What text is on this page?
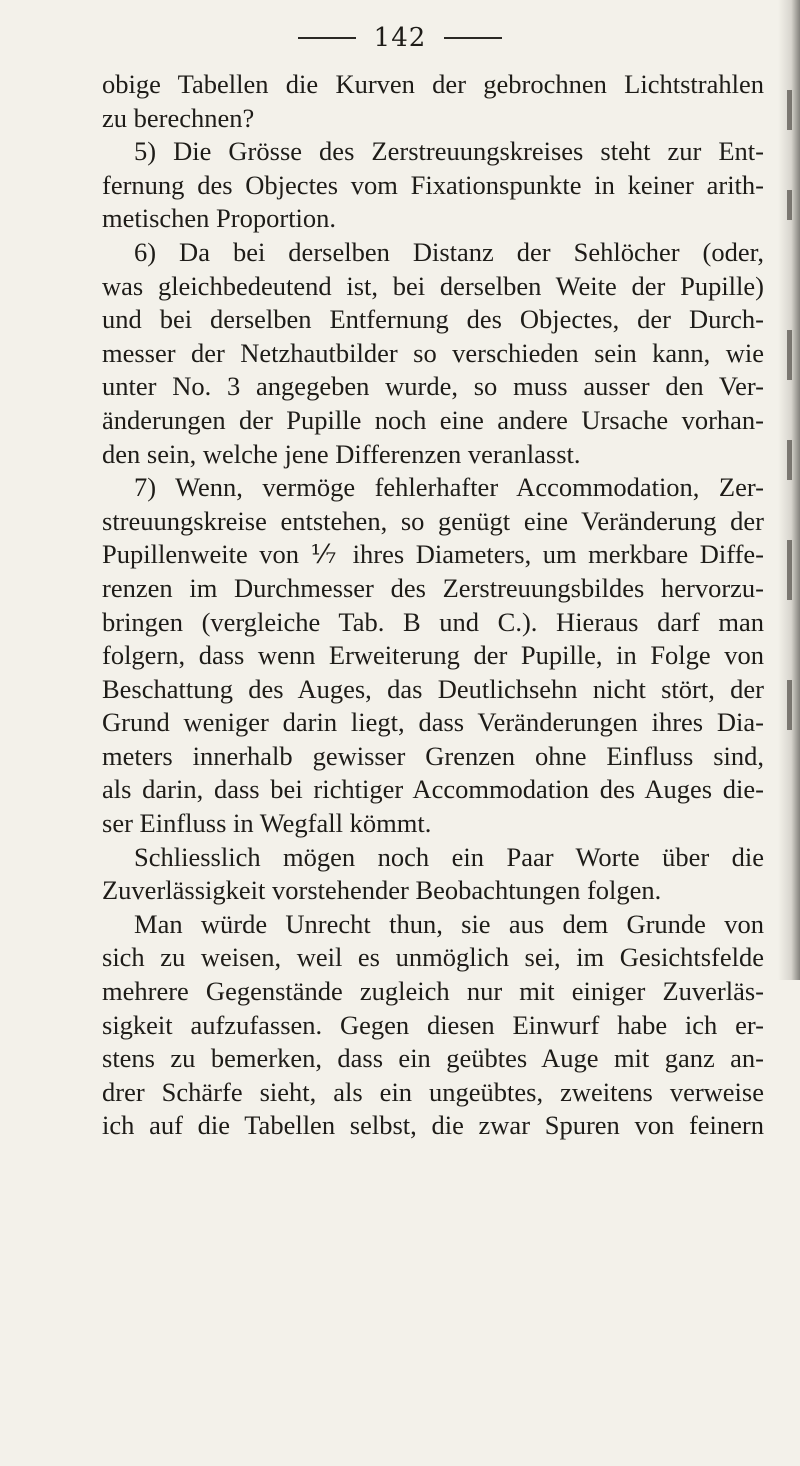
142
obige Tabellen die Kurven der gebrochnen Lichtstrahlen
zu berechnen?
5) Die Grösse des Zerstreuungskreises steht zur Ent-
fernung des Objectes vom Fixationspunkte in keiner arith-
metischen Proportion.
6) Da bei derselben Distanz der Sehlöcher (oder,
was gleichbedeutend ist, bei derselben Weite der Pupille)
und bei derselben Entfernung des Objectes, der Durch-
messer der Netzhautbilder so verschieden sein kann, wie
unter No. 3 angegeben wurde, so muss ausser den Ver-
änderungen der Pupille noch eine andere Ursache vorhan-
den sein, welche jene Differenzen veranlasst.
7) Wenn, vermöge fehlerhafter Accommodation, Zer-
streuungskreise entstehen, so genügt eine Veränderung der
Pupillenweite von ⅐ ihres Diameters, um merkbare Diffe-
renzen im Durchmesser des Zerstreuungsbildes hervorzu-
bringen (vergleiche Tab. B und C.). Hieraus darf man
folgern, dass wenn Erweiterung der Pupille, in Folge von
Beschattung des Auges, das Deutlichsehn nicht stört, der
Grund weniger darin liegt, dass Veränderungen ihres Dia-
meters innerhalb gewisser Grenzen ohne Einfluss sind,
als darin, dass bei richtiger Accommodation des Auges die-
ser Einfluss in Wegfall kömmt.
Schliesslich mögen noch ein Paar Worte über die
Zuverlässigkeit vorstehender Beobachtungen folgen.
Man würde Unrecht thun, sie aus dem Grunde von
sich zu weisen, weil es unmöglich sei, im Gesichtsfelde
mehrere Gegenstände zugleich nur mit einiger Zuverläs-
sigkeit aufzufassen. Gegen diesen Einwurf habe ich er-
stens zu bemerken, dass ein geübtes Auge mit ganz an-
drer Schärfe sieht, als ein ungeübtes, zweitens verweise
ich auf die Tabellen selbst, die zwar Spuren von feinern
